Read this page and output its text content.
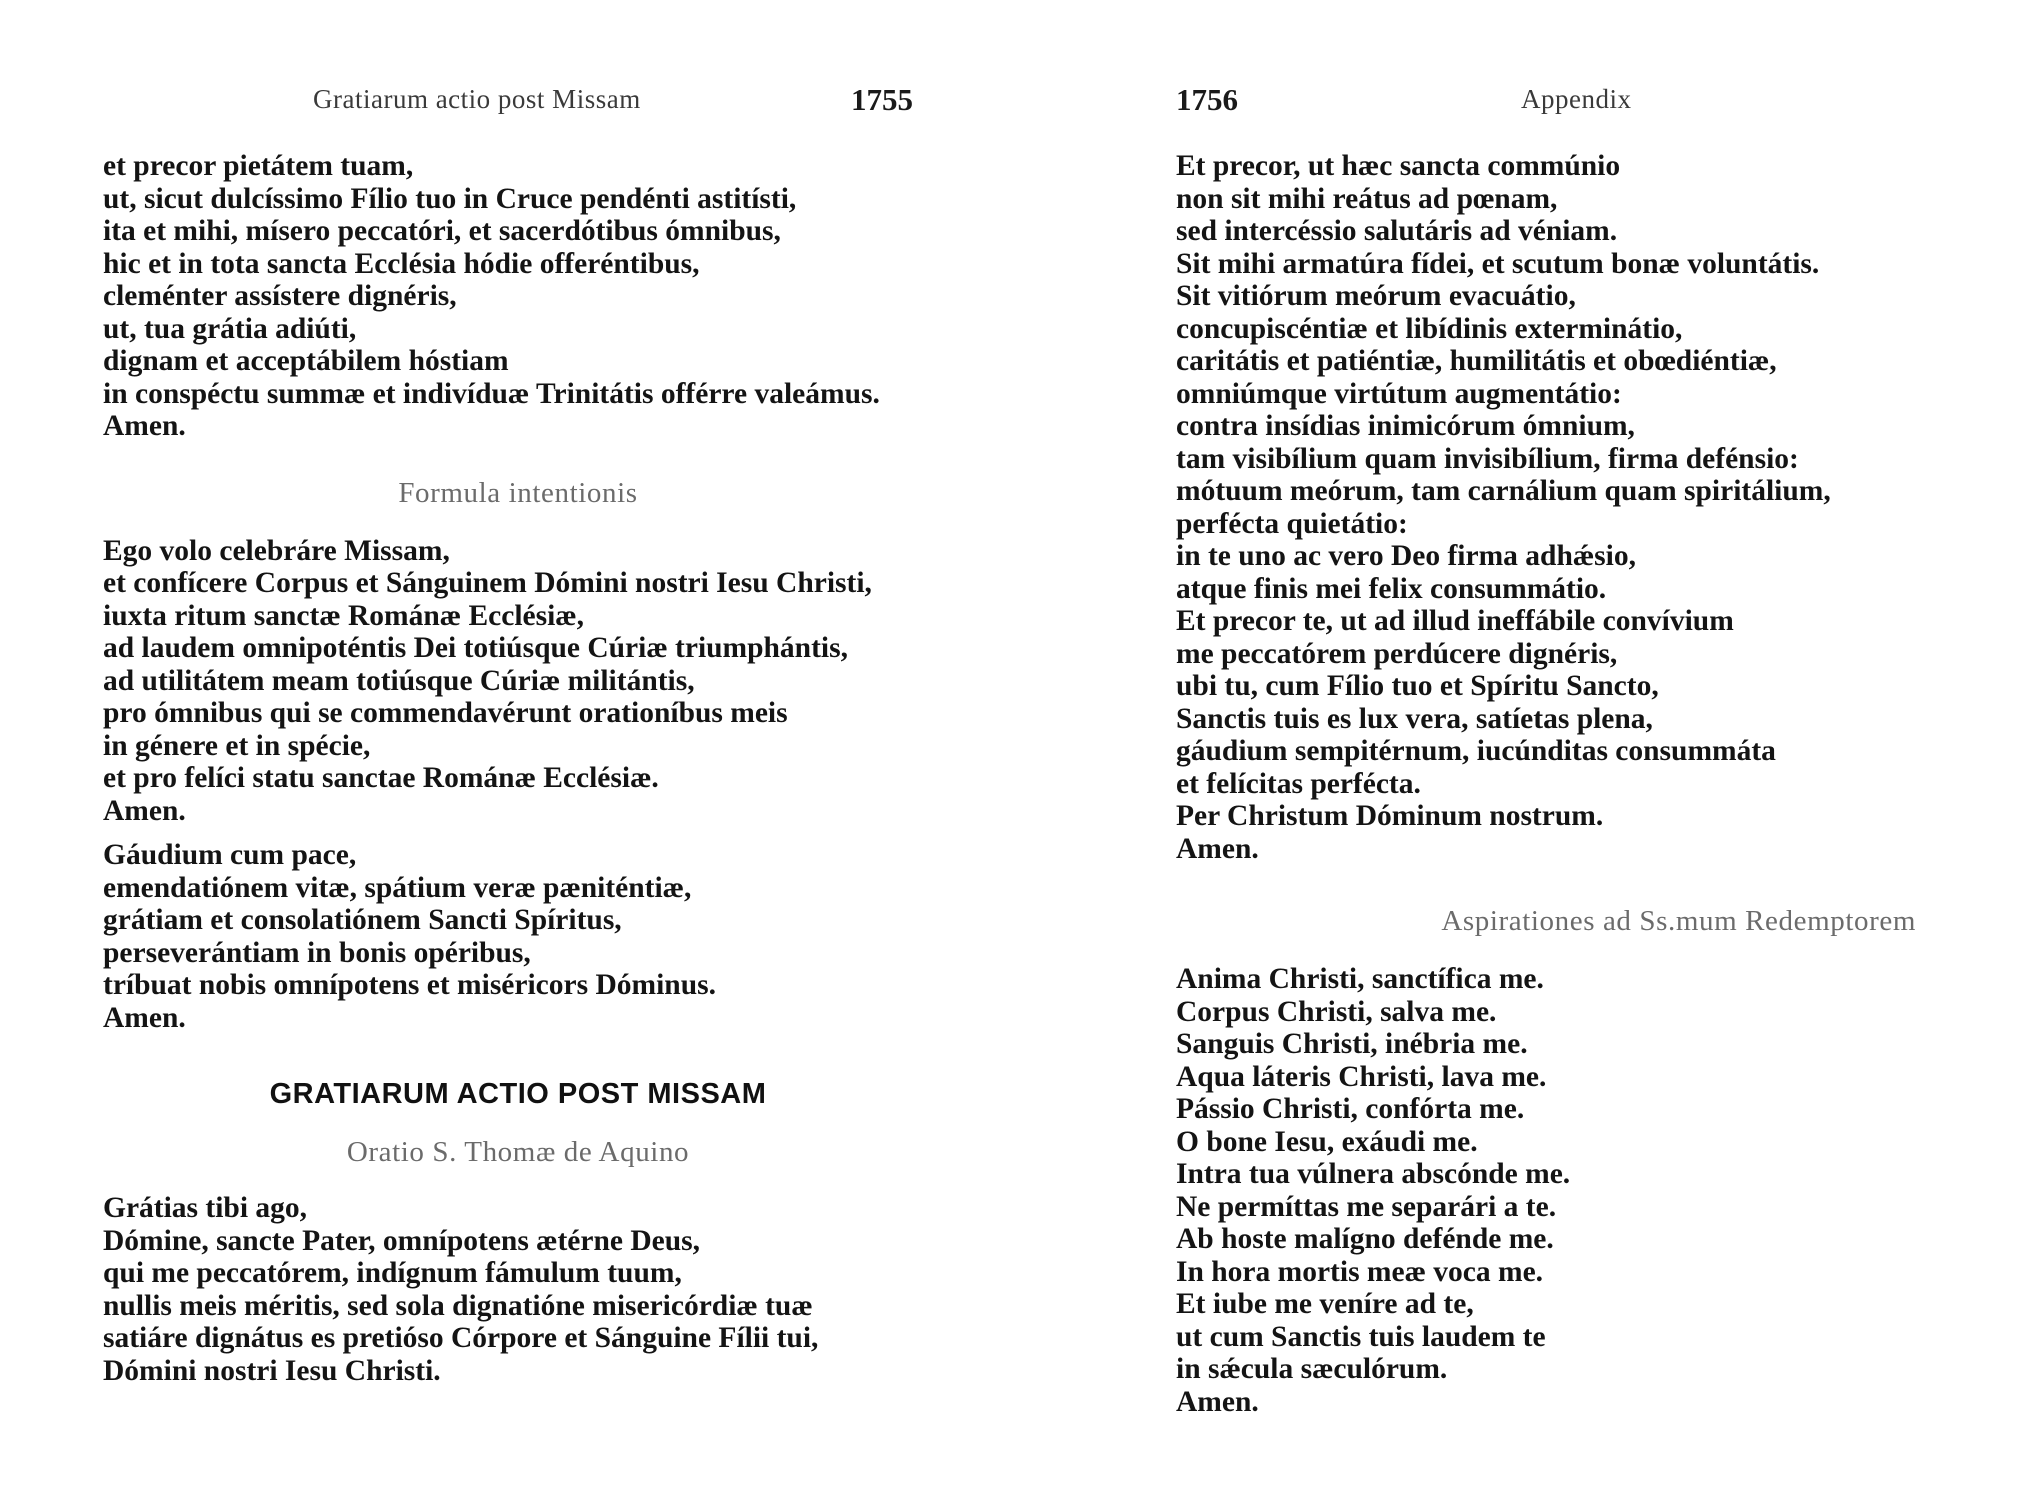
Gratiarum actio post Missam	1755
et precor pietátem tuam,
ut, sicut dulcíssimo Fílio tuo in Cruce pendénti astitísti,
ita et mihi, mísero peccatóri, et sacerdótibus ómnibus,
hic et in tota sancta Ecclésia hódie offeréntibus,
cleménter assístere dignéris,
ut, tua grátia adiúti,
dignam et acceptábilem hóstiam
in conspéctu summæ et indivíduæ Trinitátis offérre valeámus.
Amen.
Formula intentionis
Ego volo celebráre Missam,
et confícere Corpus et Sánguinem Dómini nostri Iesu Christi,
iuxta ritum sanctæ Románæ Ecclésiæ,
ad laudem omnipoténtis Dei totiúsque Cúriæ triumphántis,
ad utilitátem meam totiúsque Cúriæ militántis,
pro ómnibus qui se commendavérunt orationíbus meis
in génere et in spécie,
et pro felíci statu sanctae Románæ Ecclésiæ.
Amen.
Gáudium cum pace,
emendatiónem vitæ, spátium veræ pæniténtiæ,
grátiam et consolatiónem Sancti Spíritus,
perseverántiam in bonis opéribus,
tríbuat nobis omnípotens et miséricors Dóminus.
Amen.
GRATIARUM ACTIO POST MISSAM
Oratio S. Thomæ de Aquino
Grátias tibi ago,
Dómine, sancte Pater, omnípotens ætérne Deus,
qui me peccatórem, indígnum fámulum tuum,
nullis meis méritis, sed sola dignatióne misericórdiæ tuæ
satiáre dignátus es pretióso Córpore et Sánguine Fílii tui,
Dómini nostri Iesu Christi.
1756	Appendix
Et precor, ut hæc sancta commúnio
non sit mihi reátus ad pœnam,
sed intercéssio salutáris ad véniam.
Sit mihi armatúra fídei, et scutum bonæ voluntátis.
Sit vitiórum meórum evacuátio,
concupiscéntiæ et libídinis exterminátio,
caritátis et patiéntiæ, humilitátis et obœdiéntiæ,
omniúmque virtútum augmentátio:
contra insídias inimicórum ómnium,
tam visibílium quam invisibílium, firma defénsio:
mótuum meórum, tam carnálium quam spiritálium,
perfécta quietátio:
in te uno ac vero Deo firma adhǽsio,
atque finis mei felix consummátio.
Et precor te, ut ad illud ineffábile convívium
me peccatórem perdúcere dignéris,
ubi tu, cum Fílio tuo et Spíritu Sancto,
Sanctis tuis es lux vera, satíetas plena,
gáudium sempitérnum, iucúnditas consummáta
et felícitas perfécta.
Per Christum Dóminum nostrum.
Amen.
Aspirationes ad Ss.mum Redemptorem
Anima Christi, sanctífica me.
Corpus Christi, salva me.
Sanguis Christi, inébria me.
Aqua láteris Christi, lava me.
Pássio Christi, confórta me.
O bone Iesu, exáudi me.
Intra tua vúlnera abscónde me.
Ne permíttas me separári a te.
Ab hoste malígno defénde me.
In hora mortis meæ voca me.
Et iube me veníre ad te,
ut cum Sanctis tuis laudem te
in sǽcula sæculórum.
Amen.
